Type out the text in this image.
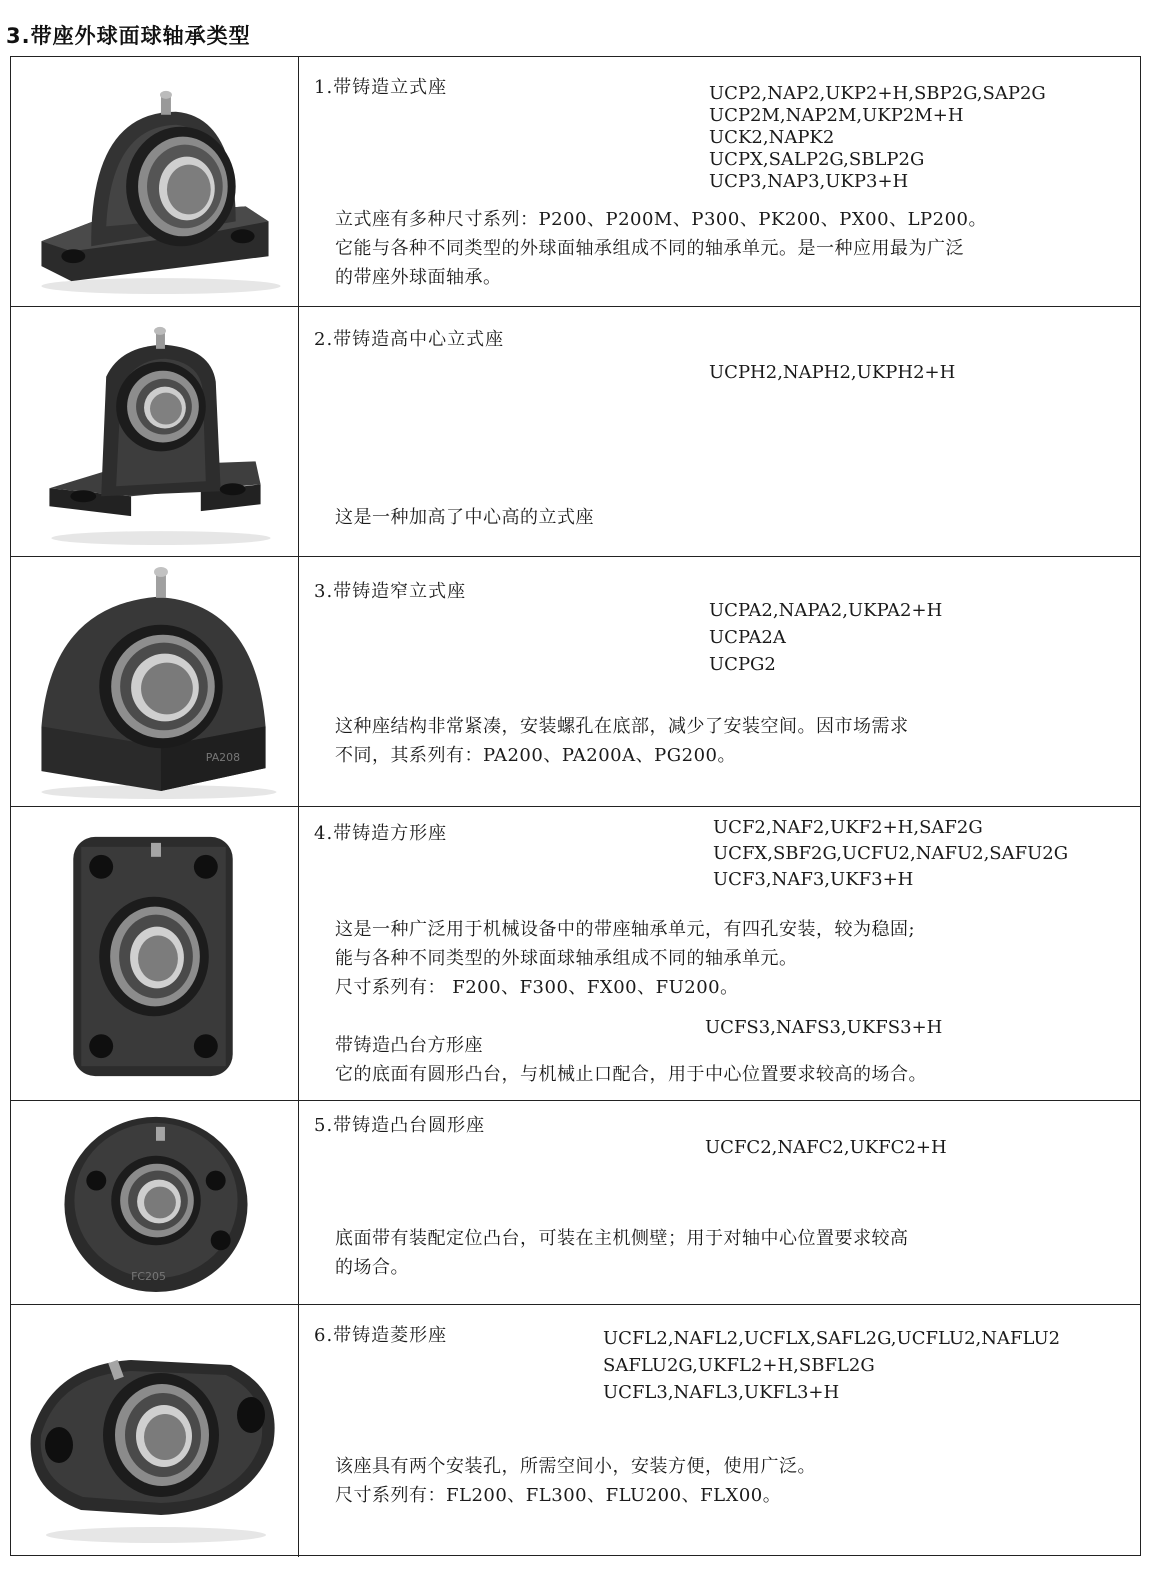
3.带座外球面球轴承类型
1.带铸造立式座	UCP2,NAP2,UKP2+H,SBP2G,SAP2G
UCP2M,NAP2M,UKP2M+H
UCK2,NAPK2
UCPX,SALP2G,SBLP2G
UCP3,NAP3,UKP3+H
立式座有多种尺寸系列：P200、P200M、P300、PK200、PX00、LP200。
它能与各种不同类型的外球面轴承组成不同的轴承单元。是一种应用最为广泛
的带座外球面轴承。
2.带铸造高中心立式座
UCPH2,NAPH2,UKPH2+H
这是一种加高了中心高的立式座
PA208
3.带铸造窄立式座
UCPA2,NAPA2,UKPA2+H
UCPA2A
UCPG2
这种座结构非常紧凑，安装螺孔在底部，减少了安装空间。因市场需求
不同，其系列有：PA200、PA200A、PG200。
4.带铸造方形座	UCF2,NAF2,UKF2+H,SAF2G
UCFX,SBF2G,UCFU2,NAFU2,SAFU2G
UCF3,NAF3,UKF3+H
这是一种广泛用于机械设备中的带座轴承单元，有四孔安装，较为稳固;
能与各种不同类型的外球面球轴承组成不同的轴承单元。
尺寸系列有： F200、F300、FX00、FU200。
UCFS3,NAFS3,UKFS3+H
带铸造凸台方形座
它的底面有圆形凸台，与机械止口配合，用于中心位置要求较高的场合。
FC205
5.带铸造凸台圆形座
UCFC2,NAFC2,UKFC2+H
底面带有装配定位凸台，可装在主机侧壁；用于对轴中心位置要求较高
的场合。
6.带铸造菱形座	UCFL2,NAFL2,UCFLX,SAFL2G,UCFLU2,NAFLU2
SAFLU2G,UKFL2+H,SBFL2G
UCFL3,NAFL3,UKFL3+H
该座具有两个安装孔，所需空间小，安装方便，使用广泛。
尺寸系列有：FL200、FL300、FLU200、FLX00。
